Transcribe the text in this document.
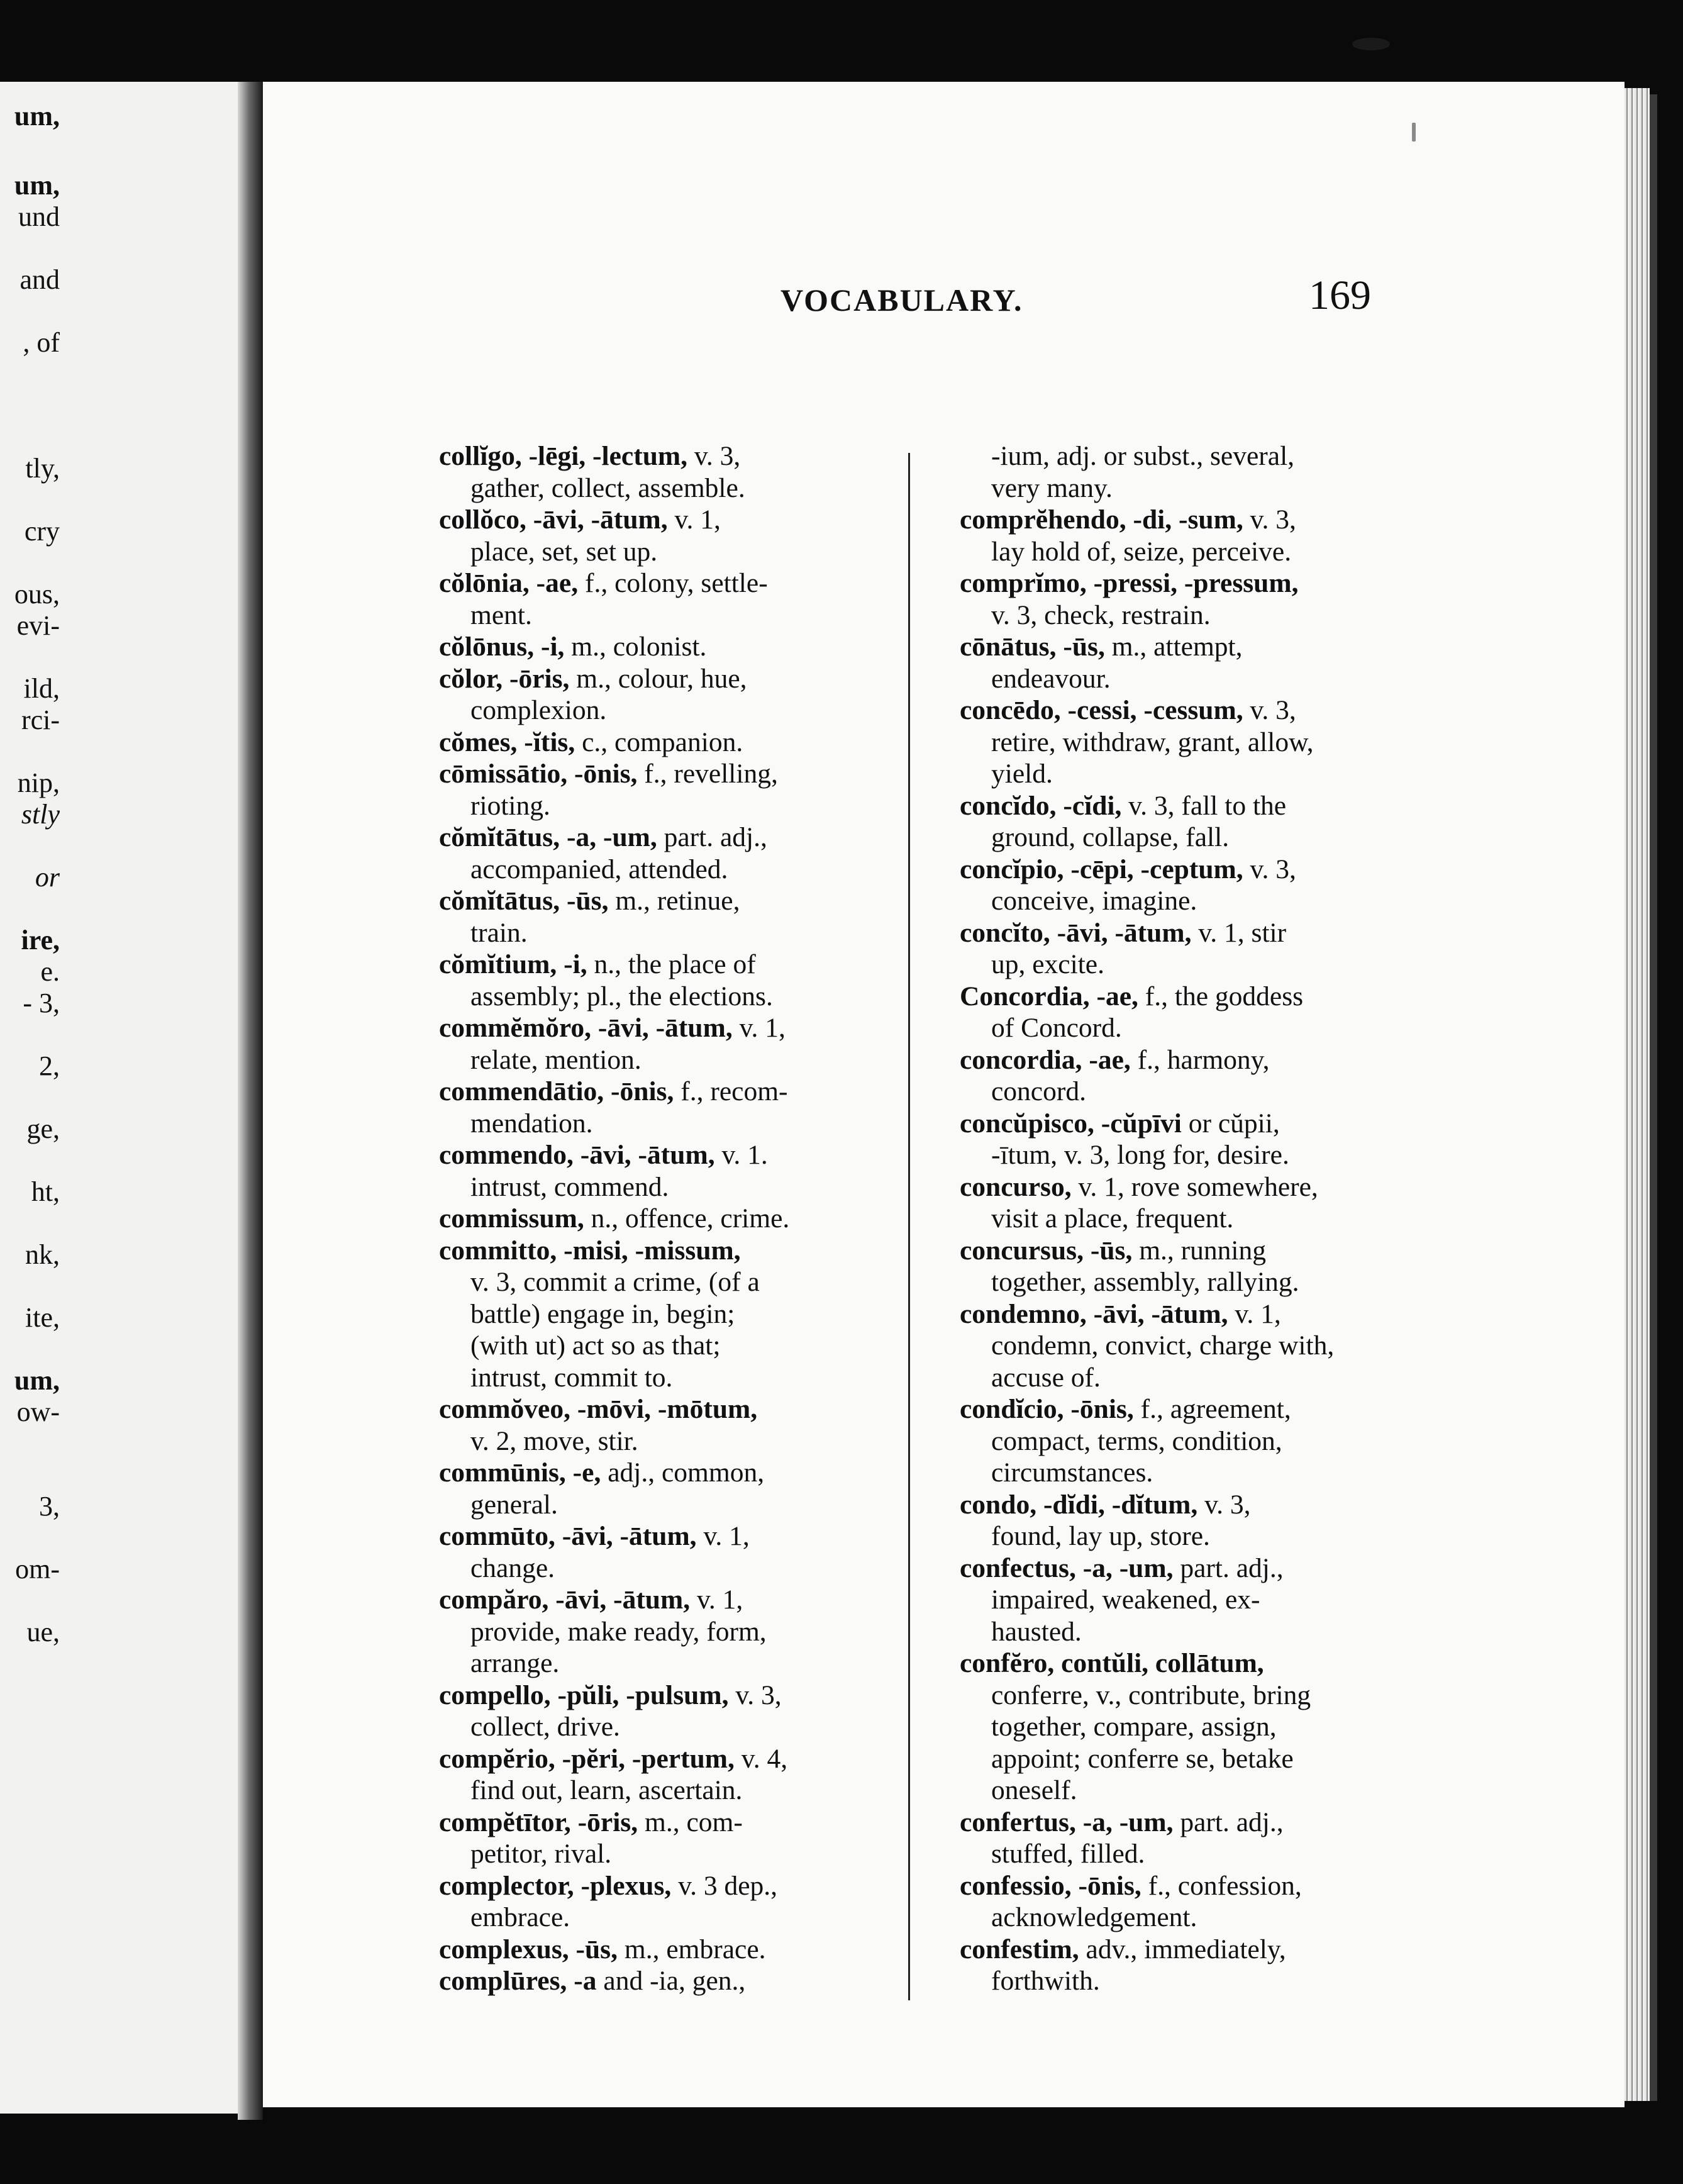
um,
um,
und
and
, of
tly,
cry
ous,
evi-
ild,
rci-
nip,
stly
or
ire,
e.
- 3,
2,
ge,
ht,
nk,
ite,
um,
ow-
3,
om-
ue,
VOCABULARY.	169
collĭgo, -lēgi, -lectum, v. 3,
gather, collect, assemble.
collŏco, -āvi, -ātum, v. 1,
place, set, set up.
cŏlōnia, -ae, f., colony, settle-
ment.
cŏlōnus, -i, m., colonist.
cŏlor, -ōris, m., colour, hue,
complexion.
cŏmes, -ĭtis, c., companion.
cōmissātio, -ōnis, f., revelling,
rioting.
cŏmĭtātus, -a, -um, part. adj.,
accompanied, attended.
cŏmĭtātus, -ūs, m., retinue,
train.
cŏmĭtium, -i, n., the place of
assembly; pl., the elections.
commĕmŏro, -āvi, -ātum, v. 1,
relate, mention.
commendātio, -ōnis, f., recom-
mendation.
commendo, -āvi, -ātum, v. 1.
intrust, commend.
commissum, n., offence, crime.
committo, -misi, -missum,
v. 3, commit a crime, (of a
battle) engage in, begin;
(with ut) act so as that;
intrust, commit to.
commŏveo, -mōvi, -mōtum,
v. 2, move, stir.
commūnis, -e, adj., common,
general.
commūto, -āvi, -ātum, v. 1,
change.
compăro, -āvi, -ātum, v. 1,
provide, make ready, form,
arrange.
compello, -pŭli, -pulsum, v. 3,
collect, drive.
compĕrio, -pĕri, -pertum, v. 4,
find out, learn, ascertain.
compĕtītor, -ōris, m., com-
petitor, rival.
complector, -plexus, v. 3 dep.,
embrace.
complexus, -ūs, m., embrace.
complūres, -a and -ia, gen.,
-ium, adj. or subst., several,
very many.
comprĕhendo, -di, -sum, v. 3,
lay hold of, seize, perceive.
comprĭmo, -pressi, -pressum,
v. 3, check, restrain.
cōnātus, -ūs, m., attempt,
endeavour.
concēdo, -cessi, -cessum, v. 3,
retire, withdraw, grant, allow,
yield.
concĭdo, -cĭdi, v. 3, fall to the
ground, collapse, fall.
concĭpio, -cēpi, -ceptum, v. 3,
conceive, imagine.
concĭto, -āvi, -ātum, v. 1, stir
up, excite.
Concordia, -ae, f., the goddess
of Concord.
concordia, -ae, f., harmony,
concord.
concŭpisco, -cŭpīvi or cŭpii,
-ītum, v. 3, long for, desire.
concurso, v. 1, rove somewhere,
visit a place, frequent.
concursus, -ūs, m., running
together, assembly, rallying.
condemno, -āvi, -ātum, v. 1,
condemn, convict, charge with,
accuse of.
condĭcio, -ōnis, f., agreement,
compact, terms, condition,
circumstances.
condo, -dĭdi, -dĭtum, v. 3,
found, lay up, store.
confectus, -a, -um, part. adj.,
impaired, weakened, ex-
hausted.
confĕro, contŭli, collātum,
conferre, v., contribute, bring
together, compare, assign,
appoint; conferre se, betake
oneself.
confertus, -a, -um, part. adj.,
stuffed, filled.
confessio, -ōnis, f., confession,
acknowledgement.
confestim, adv., immediately,
forthwith.
